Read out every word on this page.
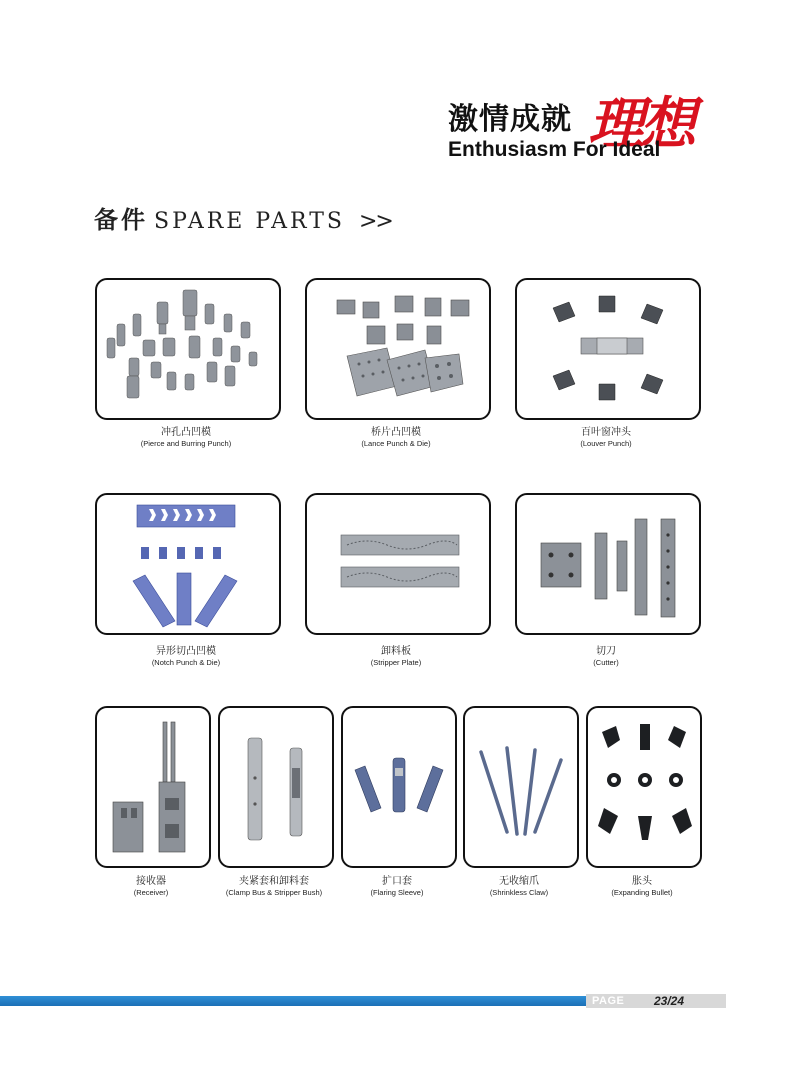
激情成就 理想
Enthusiasm For Ideal
备件 SPARE PARTS >>
冲孔凸凹模
(Pierce and Burring Punch)
桥片凸凹模
(Lance Punch & Die)
百叶窗冲头
(Louver Punch)
异形切凸凹模
(Notch Punch & Die)
卸料板
(Stripper Plate)
切刀
(Cutter)
接收器
(Receiver)
夹紧套和卸料套
(Clamp Bus & Stripper Bush)
扩口套
(Flaring Sleeve)
无收缩爪
(Shrinkless Claw)
胀头
(Expanding Bullet)
PAGE 23/24
